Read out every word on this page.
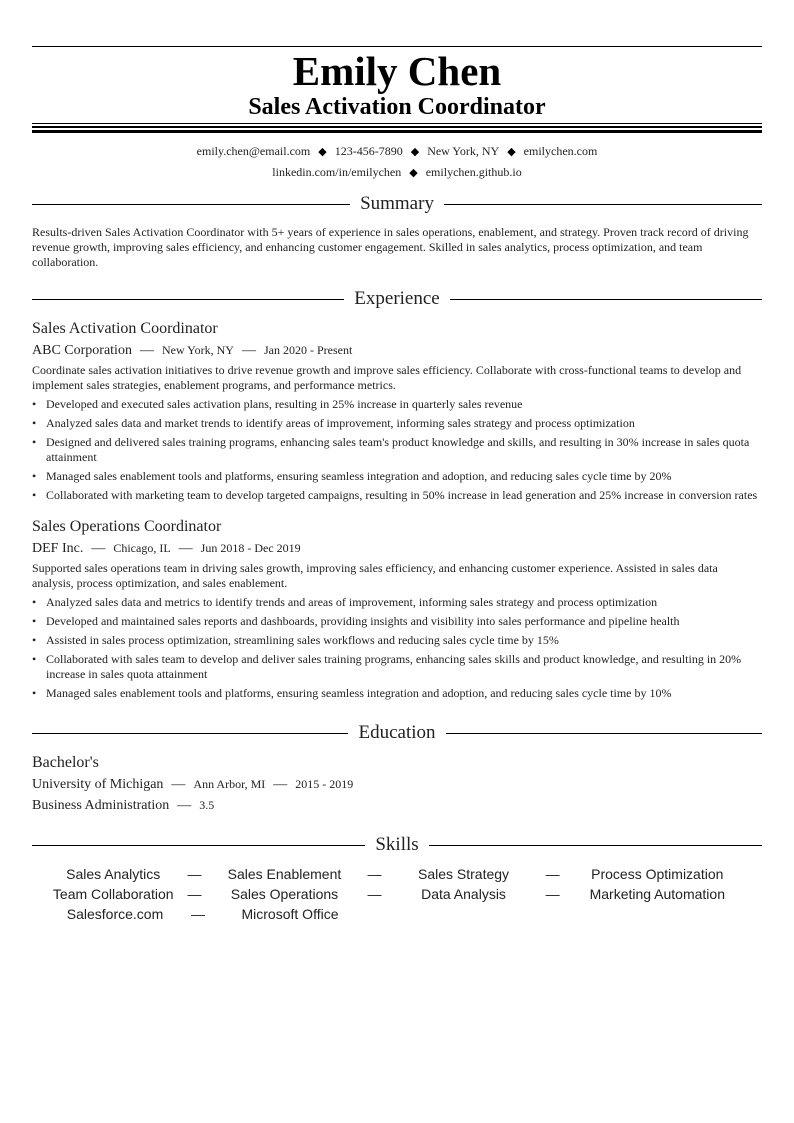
Emily Chen
Sales Activation Coordinator
emily.chen@email.com ◆ 123-456-7890 ◆ New York, NY ◆ emilychen.com
linkedin.com/in/emilychen ◆ emilychen.github.io
Summary
Results-driven Sales Activation Coordinator with 5+ years of experience in sales operations, enablement, and strategy. Proven track record of driving revenue growth, improving sales efficiency, and enhancing customer engagement. Skilled in sales analytics, process optimization, and team collaboration.
Experience
Sales Activation Coordinator
ABC Corporation — New York, NY — Jan 2020 - Present
Coordinate sales activation initiatives to drive revenue growth and improve sales efficiency. Collaborate with cross-functional teams to develop and implement sales strategies, enablement programs, and performance metrics.
• Developed and executed sales activation plans, resulting in 25% increase in quarterly sales revenue
• Analyzed sales data and market trends to identify areas of improvement, informing sales strategy and process optimization
• Designed and delivered sales training programs, enhancing sales team's product knowledge and skills, and resulting in 30% increase in sales quota attainment
• Managed sales enablement tools and platforms, ensuring seamless integration and adoption, and reducing sales cycle time by 20%
• Collaborated with marketing team to develop targeted campaigns, resulting in 50% increase in lead generation and 25% increase in conversion rates
Sales Operations Coordinator
DEF Inc. — Chicago, IL — Jun 2018 - Dec 2019
Supported sales operations team in driving sales growth, improving sales efficiency, and enhancing customer experience. Assisted in sales data analysis, process optimization, and sales enablement.
• Analyzed sales data and metrics to identify trends and areas of improvement, informing sales strategy and process optimization
• Developed and maintained sales reports and dashboards, providing insights and visibility into sales performance and pipeline health
• Assisted in sales process optimization, streamlining sales workflows and reducing sales cycle time by 15%
• Collaborated with sales team to develop and deliver sales training programs, enhancing sales skills and product knowledge, and resulting in 20% increase in sales quota attainment
• Managed sales enablement tools and platforms, ensuring seamless integration and adoption, and reducing sales cycle time by 10%
Education
Bachelor's
University of Michigan — Ann Arbor, MI — 2015 - 2019
Business Administration — 3.5
Skills
Sales Analytics	—	Sales Enablement	—	Sales Strategy	—	Process Optimization
Team Collaboration —	Sales Operations	—	Data Analysis	—	Marketing Automation
Salesforce.com	—	Microsoft Office
